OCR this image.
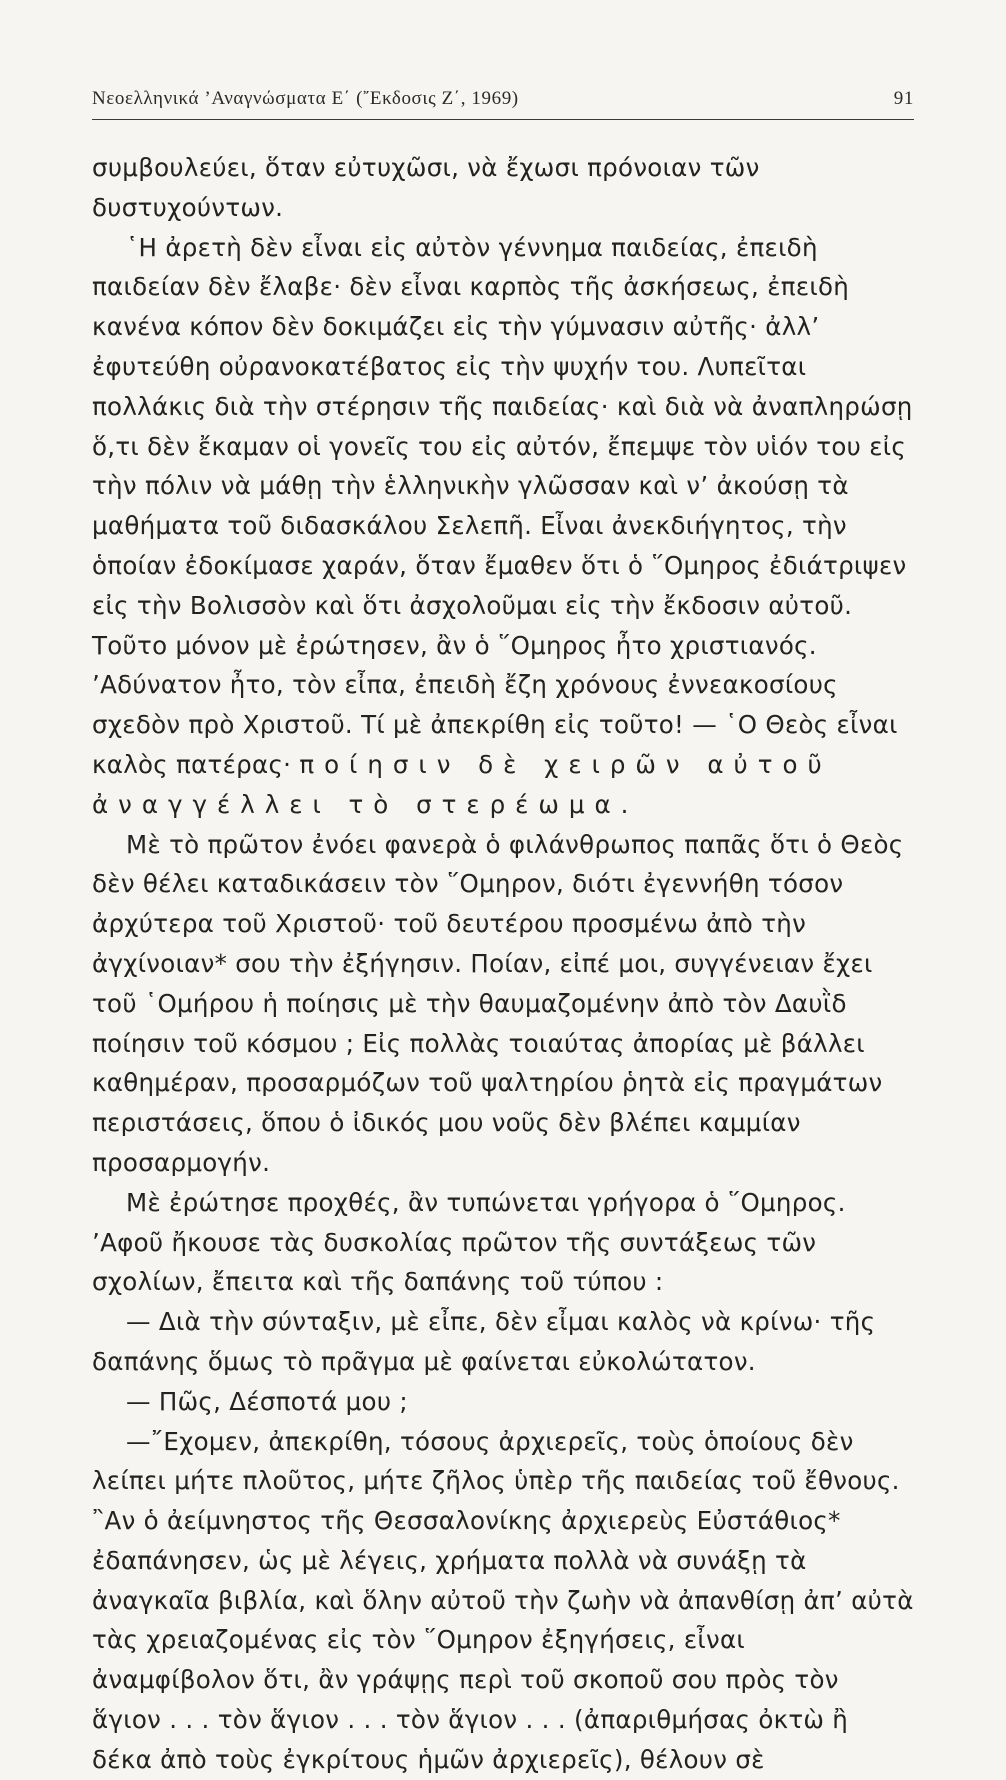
Νεοελληνικά ’Αναγνώσματα Ε΄ (῎Εκδοσις Ζ΄, 1969)	91

συμβουλεύει, ὅταν εὐτυχῶσι, νὰ ἔχωσι πρόνοιαν τῶν δυστυχούντων.

῾Η ἀρετὴ δὲν εἶναι εἰς αὐτὸν γέννημα παιδείας, ἐπειδὴ παιδείαν δὲν ἔλαβε· δὲν εἶναι καρπὸς τῆς ἀσκήσεως, ἐπειδὴ κανένα κόπον δὲν δοκιμάζει εἰς τὴν γύμνασιν αὐτῆς· ἀλλ’ ἐφυτεύθη οὐρανοκατέβατος εἰς τὴν ψυχήν του. Λυπεῖται πολλάκις διὰ τὴν στέρησιν τῆς παιδείας· καὶ διὰ νὰ ἀναπληρώσῃ ὅ,τι δὲν ἔκαμαν οἱ γονεῖς του εἰς αὐτόν, ἔπεμψε τὸν υἱόν του εἰς τὴν πόλιν νὰ μάθῃ τὴν ἑλληνικὴν γλῶσσαν καὶ ν’ ἀκούσῃ τὰ μαθήματα τοῦ διδασκάλου Σελεπῆ. Εἶναι ἀνεκδιήγητος, τὴν ὁποίαν ἐδοκίμασε χαράν, ὅταν ἔμαθεν ὅτι ὁ ῞Ομηρος ἐδιάτριψεν εἰς τὴν Βολισσὸν καὶ ὅτι ἀσχολοῦμαι εἰς τὴν ἔκδοσιν αὐτοῦ. Τοῦτο μόνον μὲ ἐρώτησεν, ἂν ὁ ῞Ομηρος ἦτο χριστιανός. ’Αδύνατον ἦτο, τὸν εἶπα, ἐπειδὴ ἔζη χρόνους ἐννεακοσίους σχεδὸν πρὸ Χριστοῦ. Τί μὲ ἀπεκρίθη εἰς τοῦτο! — ῾Ο Θεὸς εἶναι καλὸς πατέρας· ποίησιν δὲ χειρῶν αὐτοῦ ἀναγγέλλει τὸ στερέωμα.

Μὲ τὸ πρῶτον ἐνόει φανερὰ ὁ φιλάνθρωπος παπᾶς ὅτι ὁ Θεὸς δὲν θέλει καταδικάσειν τὸν ῞Ομηρον, διότι ἐγεννήθη τόσον ἀρχύτερα τοῦ Χριστοῦ· τοῦ δευτέρου προσμένω ἀπὸ τὴν ἀγχίνοιαν* σου τὴν ἐξήγησιν. Ποίαν, εἰπέ μοι, συγγένειαν ἔχει τοῦ ῾Ομήρου ἡ ποίησις μὲ τὴν θαυμαζομένην ἀπὸ τὸν Δαυῒδ ποίησιν τοῦ κόσμου ; Εἰς πολλὰς τοιαύτας ἀπορίας μὲ βάλλει καθημέραν, προσαρμόζων τοῦ ψαλτηρίου ῥητὰ εἰς πραγμάτων περιστάσεις, ὅπου ὁ ἰδικός μου νοῦς δὲν βλέπει καμμίαν προσαρμογήν.

Μὲ ἐρώτησε προχθές, ἂν τυπώνεται γρήγορα ὁ ῞Ομηρος. ’Αφοῦ ἤκουσε τὰς δυσκολίας πρῶτον τῆς συντάξεως τῶν σχολίων, ἔπειτα καὶ τῆς δαπάνης τοῦ τύπου :

— Διὰ τὴν σύνταξιν, μὲ εἶπε, δὲν εἶμαι καλὸς νὰ κρίνω· τῆς δαπάνης ὅμως τὸ πρᾶγμα μὲ φαίνεται εὐκολώτατον.

— Πῶς, Δέσποτά μου ;

—῎Εχομεν, ἀπεκρίθη, τόσους ἀρχιερεῖς, τοὺς ὁποίους δὲν λείπει μήτε πλοῦτος, μήτε ζῆλος ὑπὲρ τῆς παιδείας τοῦ ἔθνους. ῍Αν ὁ ἀείμνηστος τῆς Θεσσαλονίκης ἀρχιερεὺς Εὐστάθιος* ἐδαπάνησεν, ὡς μὲ λέγεις, χρήματα πολλὰ νὰ συνάξῃ τὰ ἀναγκαῖα βιβλία, καὶ ὅλην αὐτοῦ τὴν ζωὴν νὰ ἀπανθίσῃ ἀπ’ αὐτὰ τὰς χρειαζομένας εἰς τὸν ῞Ομηρον ἐξηγήσεις, εἶναι ἀναμφίβολον ὅτι, ἂν γράψῃς περὶ τοῦ σκοποῦ σου πρὸς τὸν ἅγιον . . . τὸν ἅγιον . . . τὸν ἅγιον . . . (ἀπαριθμήσας ὀκτὼ ἢ δέκα ἀπὸ τοὺς ἐγκρίτους ἡμῶν ἀρχιερεῖς), θέλουν σὲ
